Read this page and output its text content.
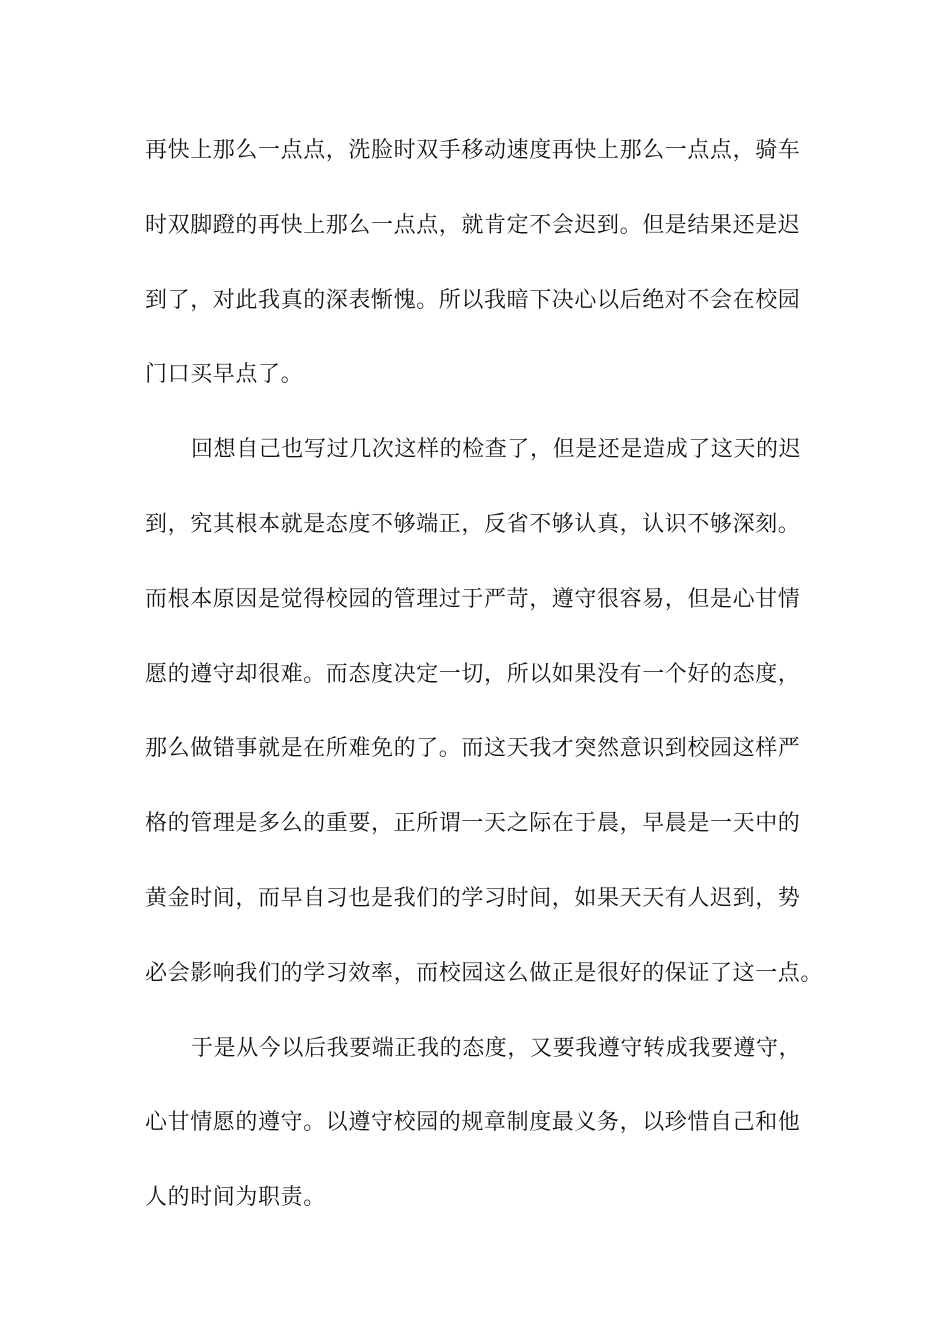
再快上那么一点点，洗脸时双手移动速度再快上那么一点点，骑车
时双脚蹬的再快上那么一点点，就肯定不会迟到。但是结果还是迟
到了，对此我真的深表惭愧。所以我暗下决心以后绝对不会在校园
门口买早点了。
回想自己也写过几次这样的检查了，但是还是造成了这天的迟
到，究其根本就是态度不够端正，反省不够认真，认识不够深刻。
而根本原因是觉得校园的管理过于严苛，遵守很容易，但是心甘情
愿的遵守却很难。而态度决定一切，所以如果没有一个好的态度，
那么做错事就是在所难免的了。而这天我才突然意识到校园这样严
格的管理是多么的重要，正所谓一天之际在于晨，早晨是一天中的
黄金时间，而早自习也是我们的学习时间，如果天天有人迟到，势
必会影响我们的学习效率，而校园这么做正是很好的保证了这一点。
于是从今以后我要端正我的态度，又要我遵守转成我要遵守，
心甘情愿的遵守。以遵守校园的规章制度最义务，以珍惜自己和他
人的时间为职责。
